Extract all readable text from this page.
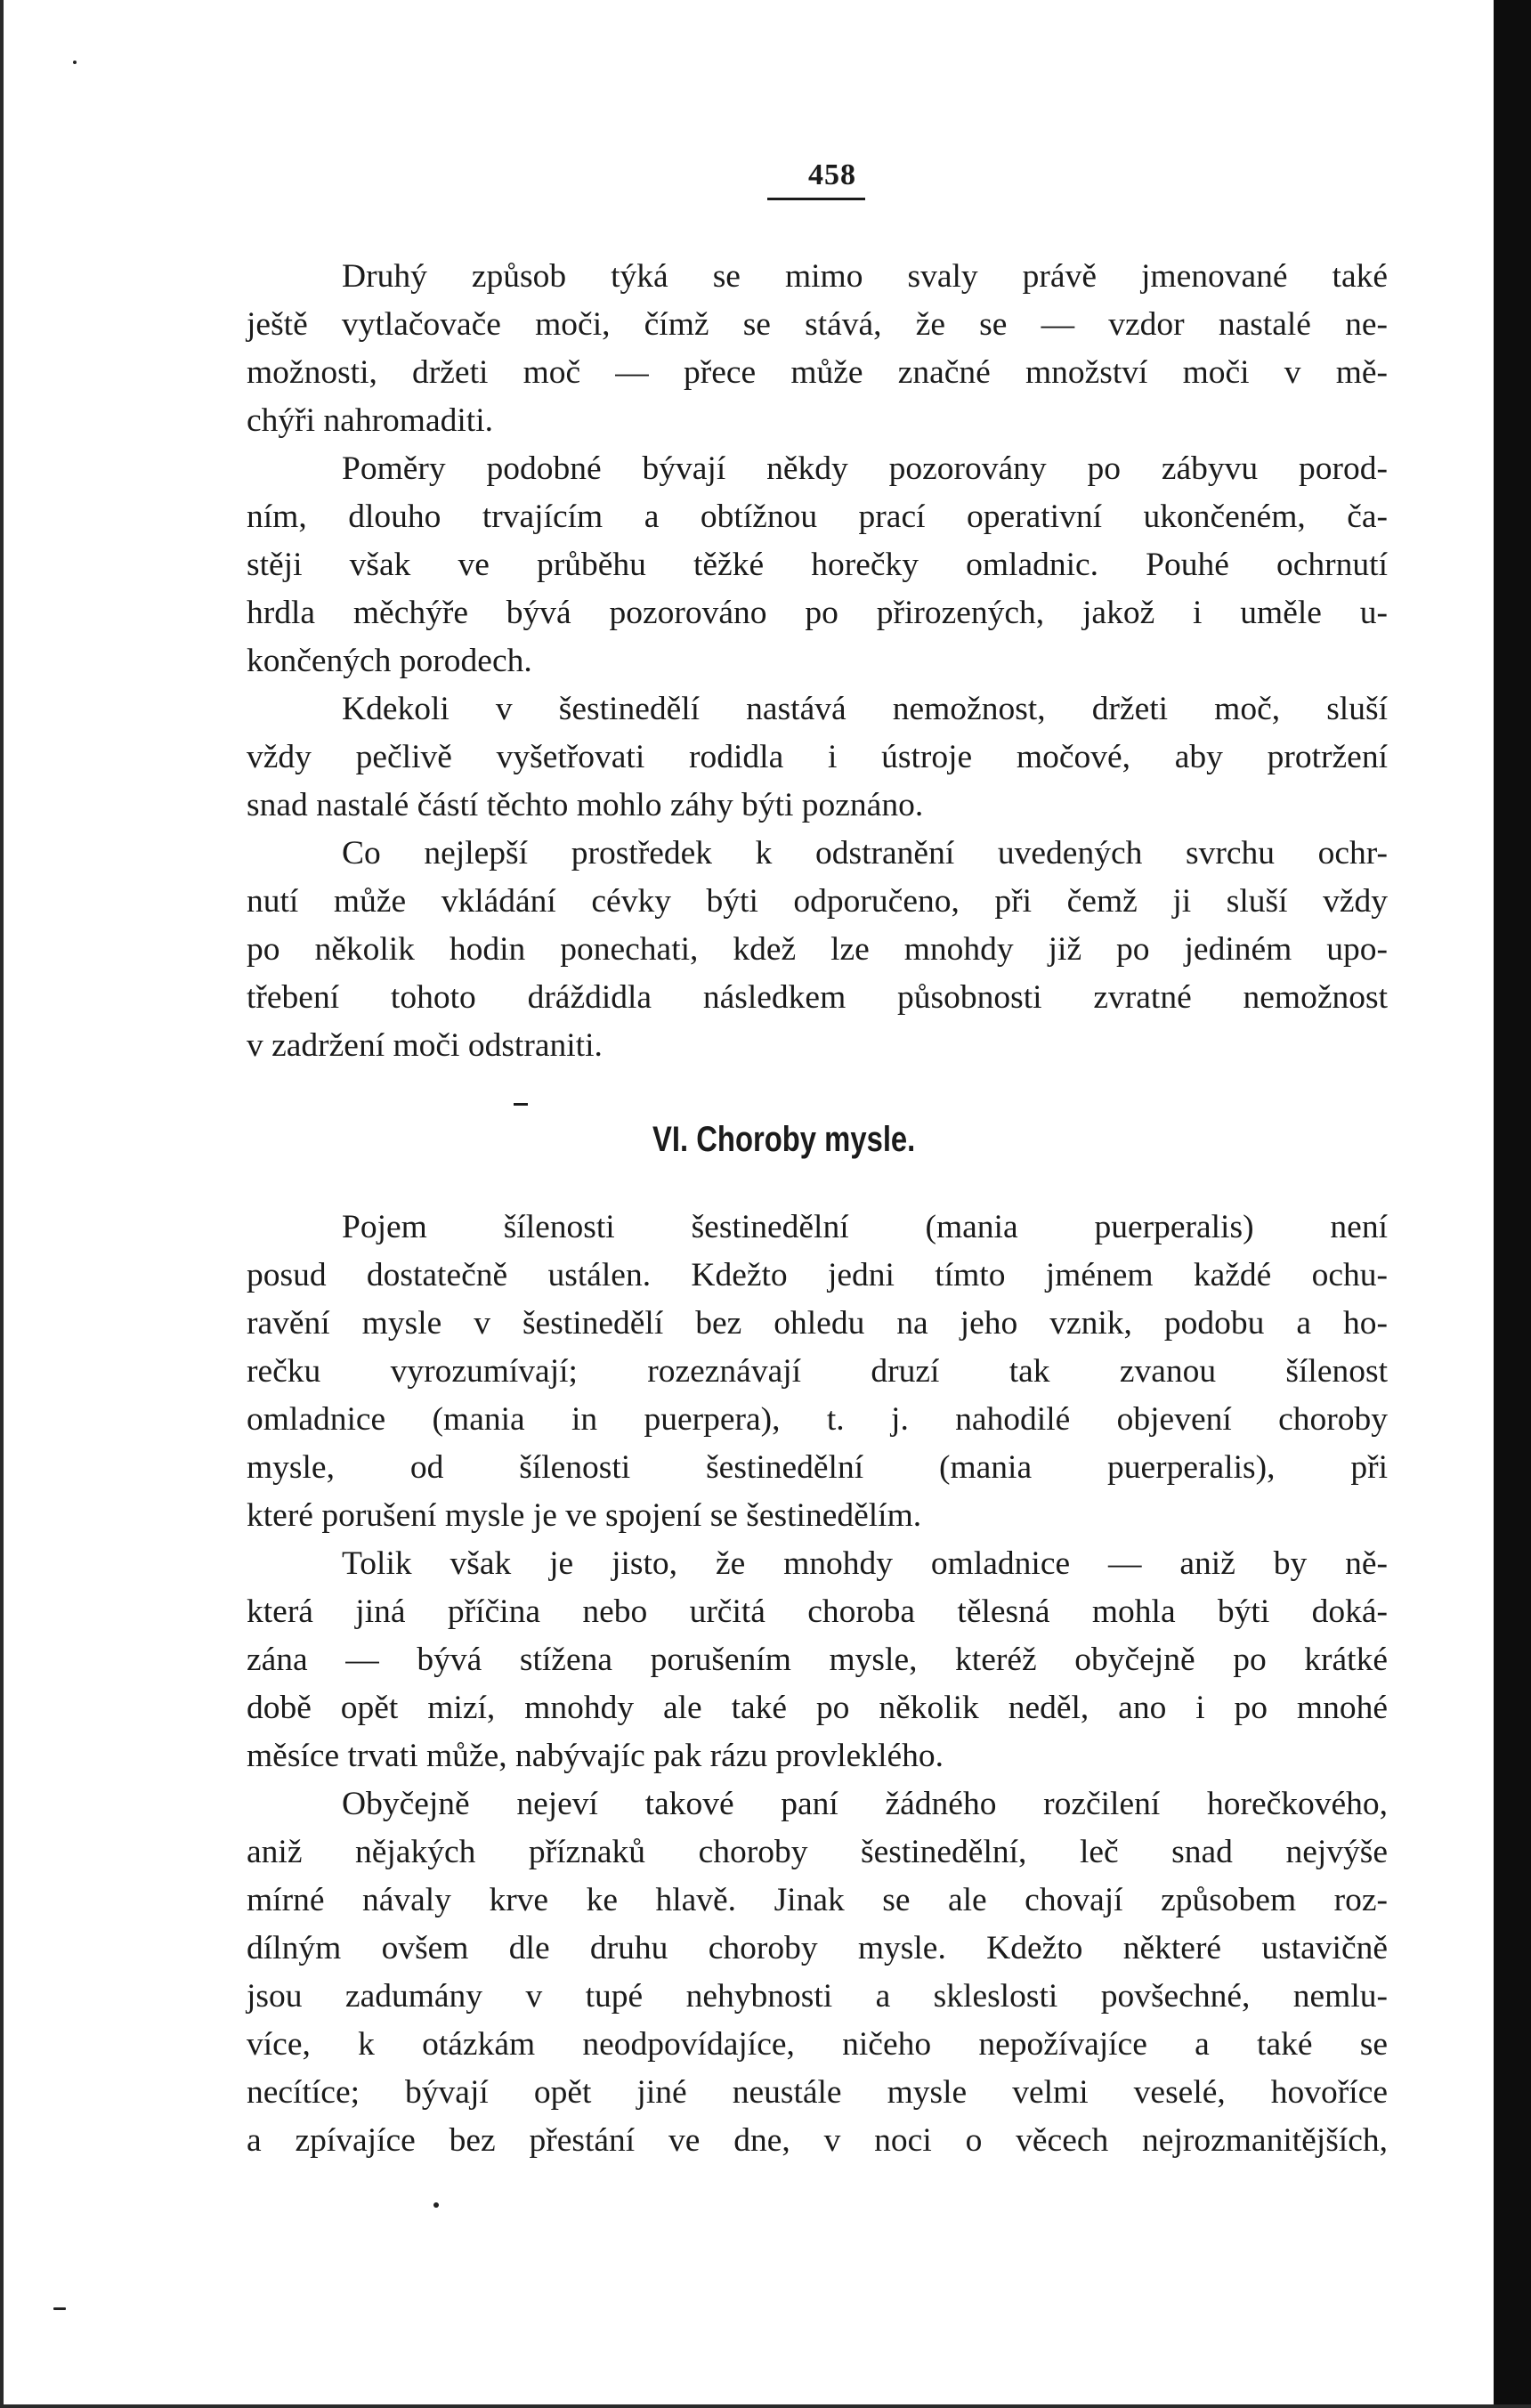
458
Druhý způsob týká se mimo svaly právě jmenované také
ještě vytlačovače moči, čímž se stává, že se — vzdor nastalé ne-
možnosti, držeti moč — přece může značné množství moči v mě-
chýři nahromaditi.
Poměry podobné bývají někdy pozorovány po zábyvu porod-
ním, dlouho trvajícím a obtížnou prací operativní ukončeném, ča-
stěji však ve průběhu těžké horečky omladnic. Pouhé ochrnutí
hrdla měchýře bývá pozorováno po přirozených, jakož i uměle u-
končených porodech.
Kdekoli v šestinedělí nastává nemožnost, držeti moč, sluší
vždy pečlivě vyšetřovati rodidla i ústroje močové, aby protržení
snad nastalé částí těchto mohlo záhy býti poznáno.
Co nejlepší prostředek k odstranění uvedených svrchu ochr-
nutí může vkládání cévky býti odporučeno, při čemž ji sluší vždy
po několik hodin ponechati, kdež lze mnohdy již po jediném upo-
třebení tohoto dráždidla následkem působnosti zvratné nemožnost
v zadržení moči odstraniti.
VI. Choroby mysle.
Pojem šílenosti šestinedělní (mania puerperalis) není
posud dostatečně ustálen. Kdežto jedni tímto jménem každé ochu-
ravění mysle v šestinedělí bez ohledu na jeho vznik, podobu a ho-
rečku vyrozumívají; rozeznávají druzí tak zvanou šílenost
omladnice (mania in puerpera), t. j. nahodilé objevení choroby
mysle, od šílenosti šestinedělní (mania puerperalis), při
které porušení mysle je ve spojení se šestinedělím.
Tolik však je jisto, že mnohdy omladnice — aniž by ně-
která jiná příčina nebo určitá choroba tělesná mohla býti doká-
zána — bývá stížena porušením mysle, kteréž obyčejně po krátké
době opět mizí, mnohdy ale také po několik neděl, ano i po mnohé
měsíce trvati může, nabývajíc pak rázu provleklého.
Obyčejně nejeví takové paní žádného rozčilení horečkového,
aniž nějakých příznaků choroby šestinedělní, leč snad nejvýše
mírné návaly krve ke hlavě. Jinak se ale chovají způsobem roz-
dílným ovšem dle druhu choroby mysle. Kdežto některé ustavičně
jsou zadumány v tupé nehybnosti a skleslosti povšechné, nemlu-
více, k otázkám neodpovídajíce, ničeho nepožívajíce a také se
necítíce; bývají opět jiné neustále mysle velmi veselé, hovoříce
a zpívajíce bez přestání ve dne, v noci o věcech nejrozmanitějších,
